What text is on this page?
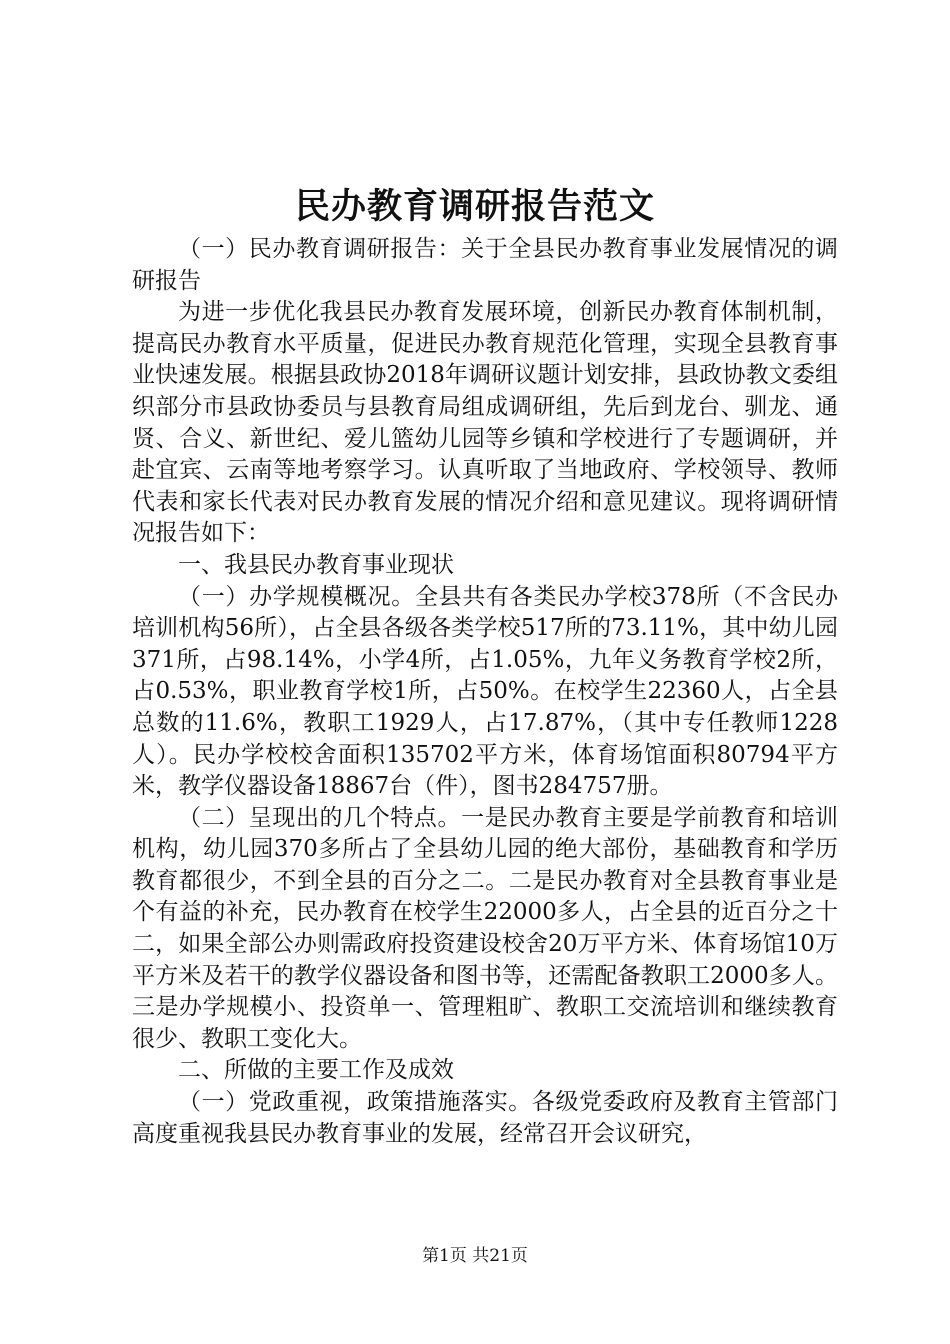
民办教育调研报告范文

（一）民办教育调研报告：关于全县民办教育事业发展情况的调研报告

为进一步优化我县民办教育发展环境，创新民办教育体制机制，提高民办教育水平质量，促进民办教育规范化管理，实现全县教育事业快速发展。根据县政协2018年调研议题计划安排，县政协教文委组织部分市县政协委员与县教育局组成调研组，先后到龙台、驯龙、通贤、合义、新世纪、爱儿篮幼儿园等乡镇和学校进行了专题调研，并赴宜宾、云南等地考察学习。认真听取了当地政府、学校领导、教师代表和家长代表对民办教育发展的情况介绍和意见建议。现将调研情况报告如下：

一、我县民办教育事业现状

（一）办学规模概况。全县共有各类民办学校378所（不含民办培训机构56所），占全县各级各类学校517所的73.11%，其中幼儿园371所，占98.14%，小学4所，占1.05%，九年义务教育学校2所，占0.53%，职业教育学校1所，占50%。在校学生22360人，占全县总数的11.6%，教职工1929人，占17.87%，（其中专任教师1228人）。民办学校校舍面积135702平方米，体育场馆面积80794平方米，教学仪器设备18867台（件），图书284757册。

（二）呈现出的几个特点。一是民办教育主要是学前教育和培训机构，幼儿园370多所占了全县幼儿园的绝大部份，基础教育和学历教育都很少，不到全县的百分之二。二是民办教育对全县教育事业是个有益的补充，民办教育在校学生22000多人，占全县的近百分之十二，如果全部公办则需政府投资建设校舍20万平方米、体育场馆10万平方米及若干的教学仪器设备和图书等，还需配备教职工2000多人。三是办学规模小、投资单一、管理粗旷、教职工交流培训和继续教育很少、教职工变化大。

二、所做的主要工作及成效

（一）党政重视，政策措施落实。各级党委政府及教育主管部门高度重视我县民办教育事业的发展，经常召开会议研究，

第1页 共21页
